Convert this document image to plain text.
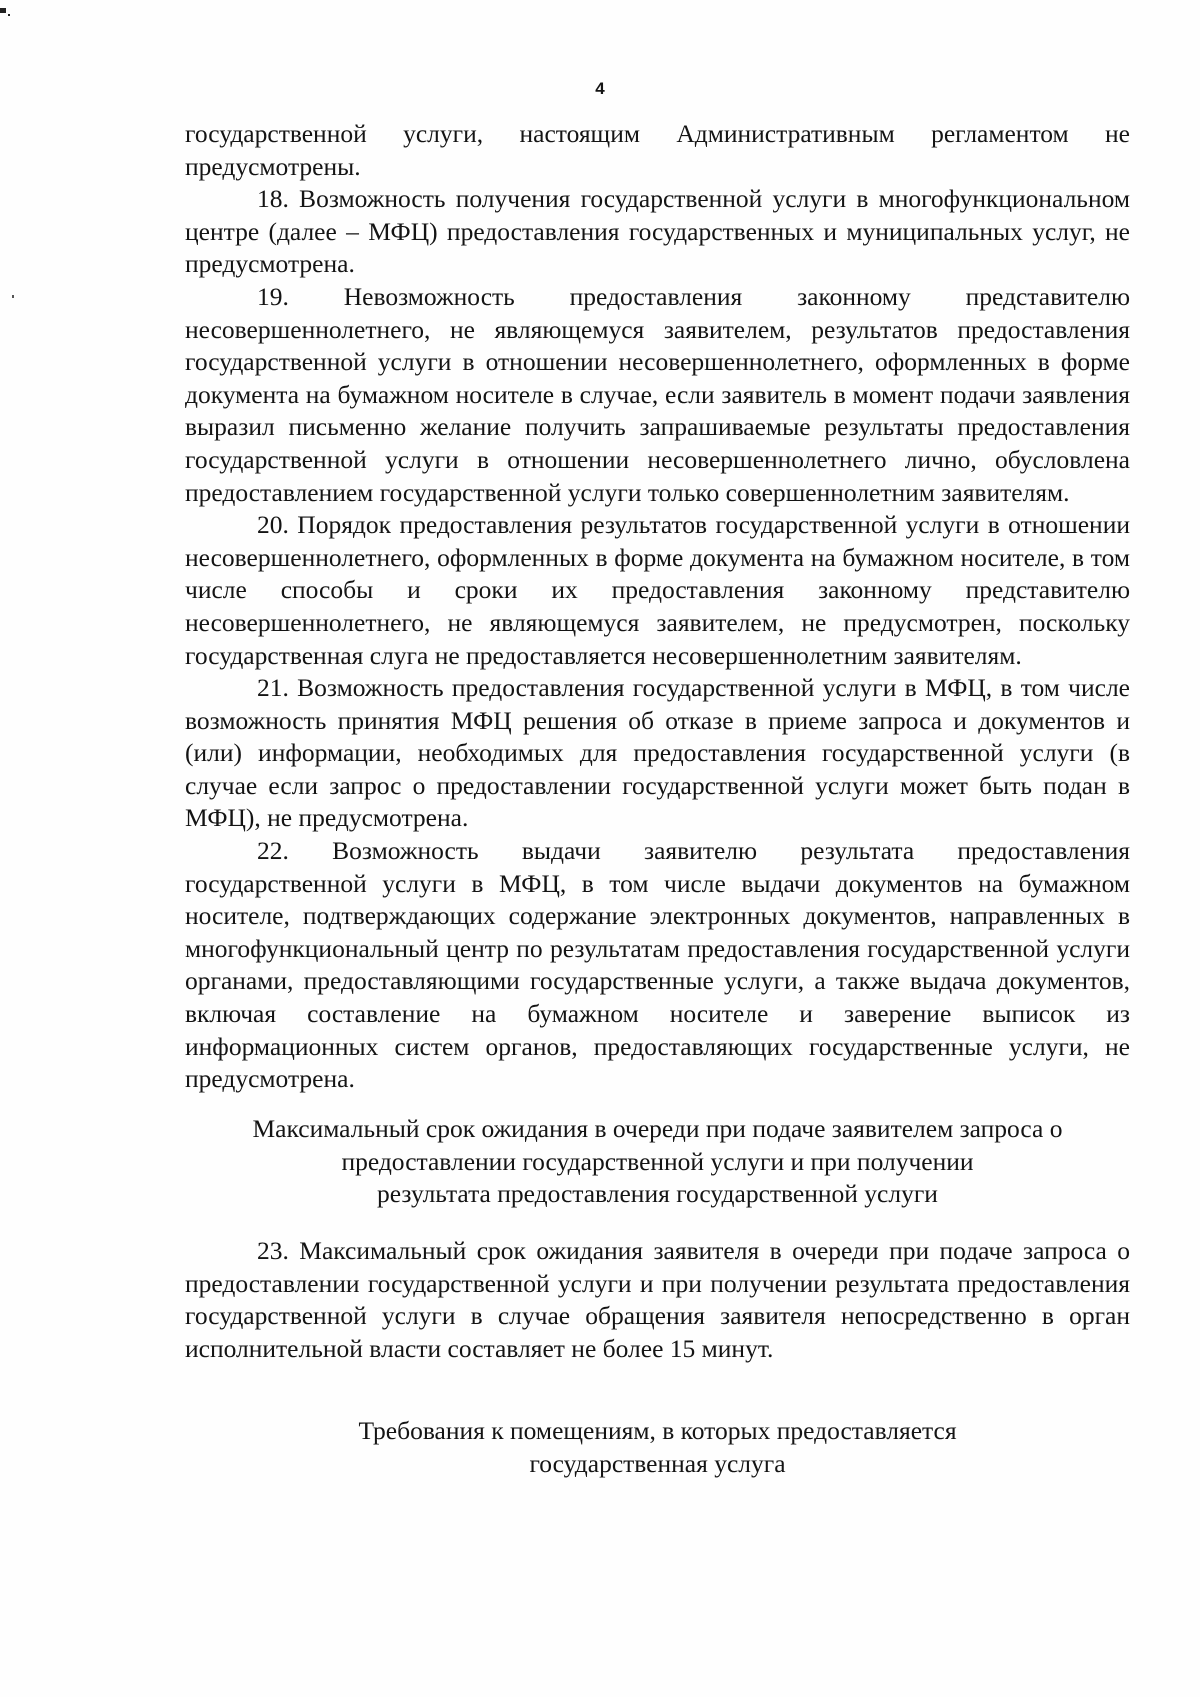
4

государственной услуги, настоящим Административным регламентом не предусмотрены.

18. Возможность получения государственной услуги в многофункциональном центре (далее – МФЦ) предоставления государственных и муниципальных услуг, не предусмотрена.

19. Невозможность предоставления законному представителю несовершеннолетнего, не являющемуся заявителем, результатов предоставления государственной услуги в отношении несовершеннолетнего, оформленных в форме документа на бумажном носителе в случае, если заявитель в момент подачи заявления выразил письменно желание получить запрашиваемые результаты предоставления государственной услуги в отношении несовершеннолетнего лично, обусловлена предоставлением государственной услуги только совершеннолетним заявителям.

20. Порядок предоставления результатов государственной услуги в отношении несовершеннолетнего, оформленных в форме документа на бумажном носителе, в том числе способы и сроки их предоставления законному представителю несовершеннолетнего, не являющемуся заявителем, не предусмотрен, поскольку государственная слуга не предоставляется несовершеннолетним заявителям.

21. Возможность предоставления государственной услуги в МФЦ, в том числе возможность принятия МФЦ решения об отказе в приеме запроса и документов и (или) информации, необходимых для предоставления государственной услуги (в случае если запрос о предоставлении государственной услуги может быть подан в МФЦ), не предусмотрена.

22. Возможность выдачи заявителю результата предоставления государственной услуги в МФЦ, в том числе выдачи документов на бумажном носителе, подтверждающих содержание электронных документов, направленных в многофункциональный центр по результатам предоставления государственной услуги органами, предоставляющими государственные услуги, а также выдача документов, включая составление на бумажном носителе и заверение выписок из информационных систем органов, предоставляющих государственные услуги, не предусмотрена.

Максимальный срок ожидания в очереди при подаче заявителем запроса о
предоставлении государственной услуги и при получении
результата предоставления государственной услуги

23. Максимальный срок ожидания заявителя в очереди при подаче запроса о предоставлении государственной услуги и при получении результата предоставления государственной услуги в случае обращения заявителя непосредственно в орган исполнительной власти составляет не более 15 минут.

Требования к помещениям, в которых предоставляется
государственная услуга
